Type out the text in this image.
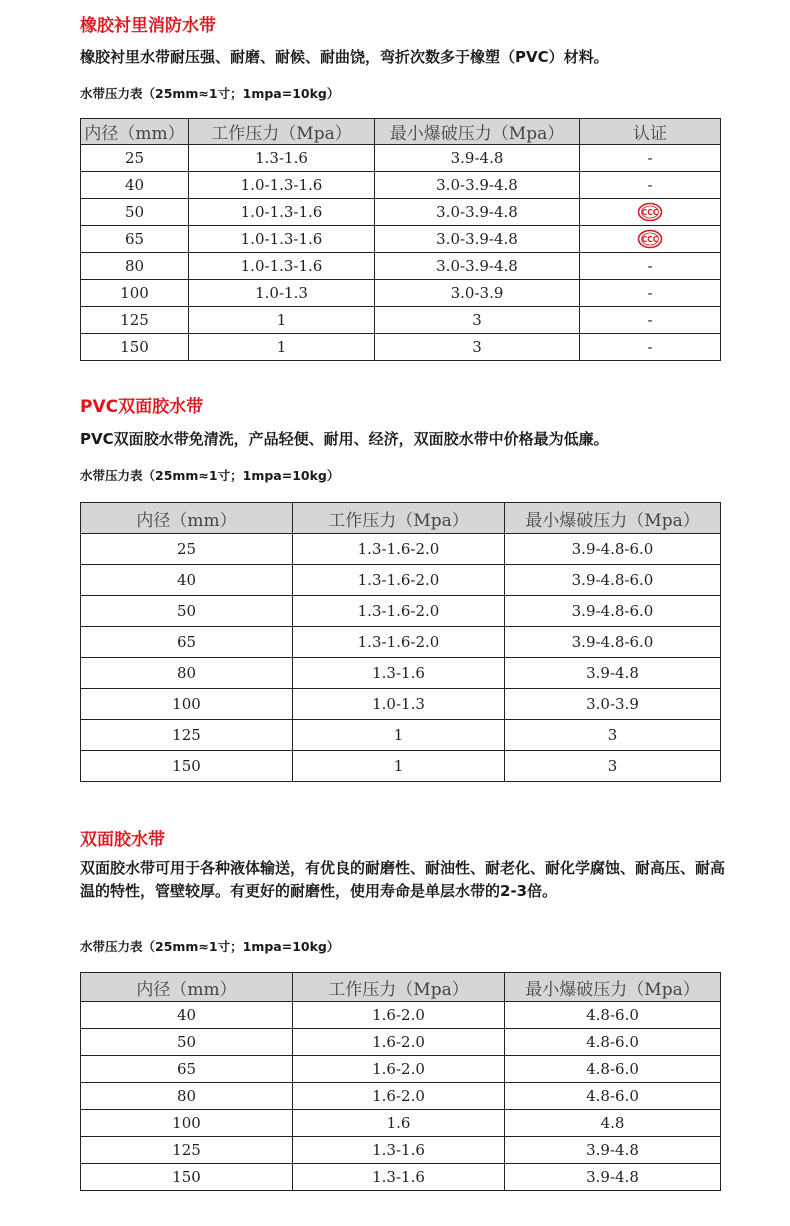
橡胶衬里消防水带
橡胶衬里水带耐压强、耐磨、耐候、耐曲饶，弯折次数多于橡塑（PVC）材料。
水带压力表（25mm≈1寸；1mpa=10kg）
内径（mm）	工作压力（Mpa）	最小爆破压力（Mpa）	认证
25	1.3-1.6	3.9-4.8	-
40	1.0-1.3-1.6	3.0-3.9-4.8	-
50	1.0-1.3-1.6	3.0-3.9-4.8	CCC

65	1.0-1.3-1.6	3.0-3.9-4.8	CCC

80	1.0-1.3-1.6	3.0-3.9-4.8	-
100	1.0-1.3	3.0-3.9	-
125	1	3	-
150	1	3	-
PVC双面胶水带
PVC双面胶水带免清洗，产品轻便、耐用、经济，双面胶水带中价格最为低廉。
水带压力表（25mm≈1寸；1mpa=10kg）
内径（mm）	工作压力（Mpa）	最小爆破压力（Mpa）
25	1.3-1.6-2.0	3.9-4.8-6.0
40	1.3-1.6-2.0	3.9-4.8-6.0
50	1.3-1.6-2.0	3.9-4.8-6.0
65	1.3-1.6-2.0	3.9-4.8-6.0
80	1.3-1.6	3.9-4.8
100	1.0-1.3	3.0-3.9
125	1	3
150	1	3
双面胶水带
双面胶水带可用于各种液体输送，有优良的耐磨性、耐油性、耐老化、耐化学腐蚀、耐高压、耐高温的特性，管壁较厚。有更好的耐磨性，使用寿命是单层水带的2-3倍。
水带压力表（25mm≈1寸；1mpa=10kg）
内径（mm）	工作压力（Mpa）	最小爆破压力（Mpa）
40	1.6-2.0	4.8-6.0
50	1.6-2.0	4.8-6.0
65	1.6-2.0	4.8-6.0
80	1.6-2.0	4.8-6.0
100	1.6	4.8
125	1.3-1.6	3.9-4.8
150	1.3-1.6	3.9-4.8
